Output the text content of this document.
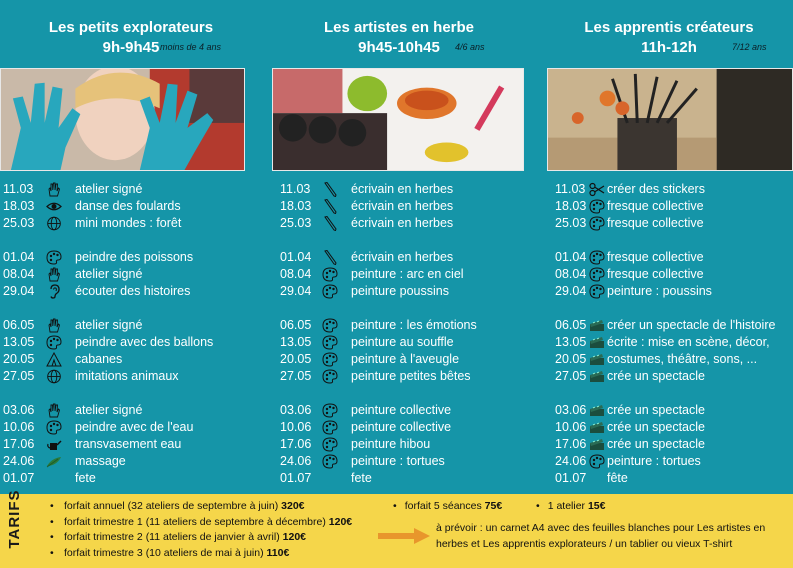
Les petits explorateurs
9h-9h45 moins de 4 ans
11.03	atelier signé
18.03	danse des foulards
25.03	mini mondes : forêt
01.04	peindre des poissons
08.04	atelier signé
29.04	écouter des histoires
06.05	atelier signé
13.05	peindre avec des ballons
20.05	cabanes
27.05	imitations animaux
03.06	atelier signé
10.06	peindre avec de l'eau
17.06	transvasement eau
24.06	massage
01.07	fete
Les artistes en herbe
9h45-10h45 4/6 ans
11.03	écrivain en herbes
18.03	écrivain en herbes
25.03	écrivain en herbes
01.04	écrivain en herbes
08.04	peinture : arc en ciel
29.04	peinture poussins
06.05	peinture : les émotions
13.05	peinture au souffle
20.05	peinture à l'aveugle
27.05	peinture petites bêtes
03.06	peinture collective
10.06	peinture collective
17.06	peinture hibou
24.06	peinture : tortues
01.07	fete
Les apprentis créateurs
11h-12h	7/12 ans
11.03	créer des stickers
18.03	fresque collective
25.03	fresque collective
01.04	fresque collective
08.04	fresque collective
29.04	peinture : poussins
06.05	créer un spectacle de l'histoire
13.05	écrite : mise en scène, décor,
20.05	costumes, théâtre, sons, ...
27.05	crée un spectacle
03.06	crée un spectacle
10.06	crée un spectacle
17.06	crée un spectacle
24.06	peinture : tortues
01.07	fête
TARIFS
•	forfait annuel (32 ateliers de septembre à juin) 320€
• forfait trimestre 1 (11 ateliers de septembre à décembre) 120€
• forfait trimestre 2 (11 ateliers de janvier à avril) 120€
• forfait trimestre 3 (10 ateliers de mai à juin) 110€
• forfait 5 séances 75€	• 1 atelier 15€
à prévoir : un carnet A4 avec des feuilles blanches pour Les artistes en herbes et Les apprentis explorateurs / un tablier ou vieux T-shirt
